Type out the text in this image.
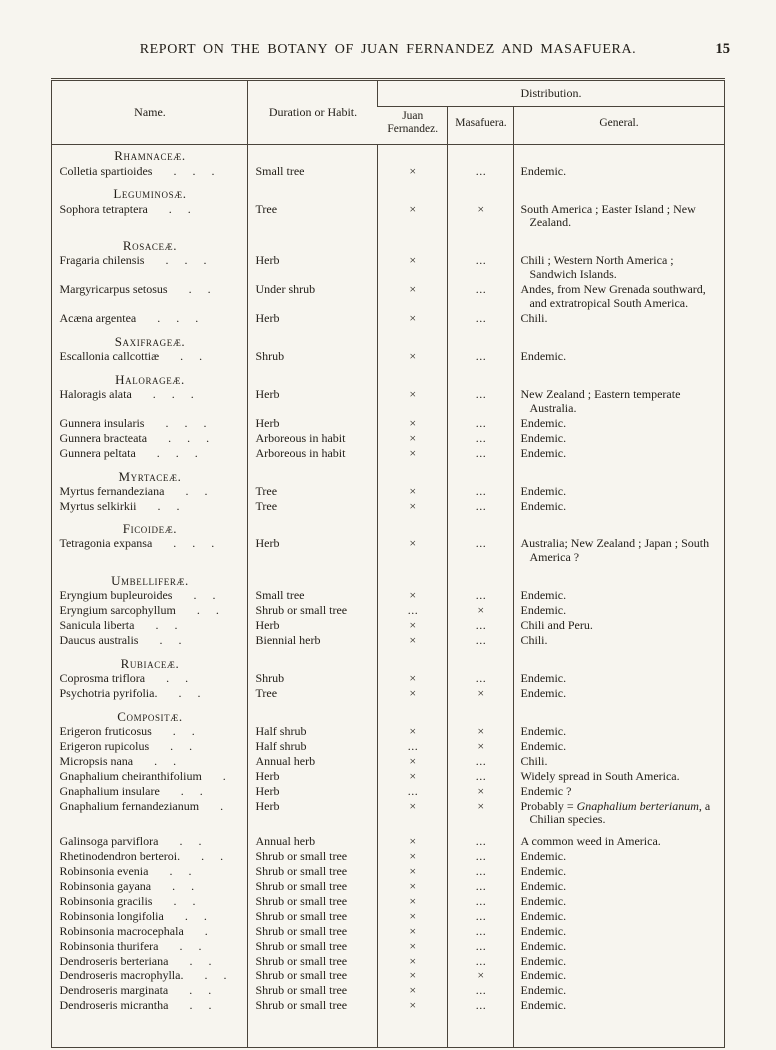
REPORT ON THE BOTANY OF JUAN FERNANDEZ AND MASAFUERA.	15
Name.	Duration or Habit.	Distribution.		
		Juan Fernandez.	Masafuera.	General.
Rhamnaceæ.				
Colletia spartioides . . .	Small tree	×	...	Endemic.
Leguminosæ.				
Sophora tetraptera . .	Tree	×	×	South America ; Easter Island ; New Zealand.
Rosaceæ.				
Fragaria chilensis . . .	Herb	×	...	Chili ; Western North America ; Sandwich Islands.
Margyricarpus setosus . .	Under shrub	×	...	Andes, from New Grenada southward, and extratropical South America.
Acæna argentea . . .	Herb	×	...	Chili.
Saxifrageæ.				
Escallonia callcottiæ . .	Shrub	×	...	Endemic.
Halorageæ.				
Haloragis alata . . .	Herb	×	...	New Zealand ; Eastern temperate Australia.
Gunnera insularis . . .	Herb	×	...	Endemic.
Gunnera bracteata . . .	Arboreous in habit	×	...	Endemic.
Gunnera peltata . . .	Arboreous in habit	×	...	Endemic.
Myrtaceæ.				
Myrtus fernandeziana . .	Tree	×	...	Endemic.
Myrtus selkirkii . .	Tree	×	...	Endemic.
Ficoideæ.				
Tetragonia expansa . . .	Herb	×	...	Australia; New Zealand ; Japan ; South America ?
Umbelliferæ.				
Eryngium bupleuroides . .	Small tree	×	...	Endemic.
Eryngium sarcophyllum . .	Shrub or small tree	...	×	Endemic.
Sanicula liberta . .	Herb	×	...	Chili and Peru.
Daucus australis . .	Biennial herb	×	...	Chili.
Rubiaceæ.				
Coprosma triflora . .	Shrub	×	...	Endemic.
Psychotria pyrifolia. . .	Tree	×	×	Endemic.
Compositæ.				
Erigeron fruticosus . .	Half shrub	×	×	Endemic.
Erigeron rupicolus . .	Half shrub	...	×	Endemic.
Micropsis nana . .	Annual herb	×	...	Chili.
Gnaphalium cheiranthifolium .	Herb	×	...	Widely spread in South America.
Gnaphalium insulare . .	Herb	...	×	Endemic ?
Gnaphalium fernandezianum .	Herb	×	×	Probably = Gnaphalium berterianum, a Chilian species.
Galinsoga parviflora . .	Annual herb	×	...	A common weed in America.
Rhetinodendron berteroi. . .	Shrub or small tree	×	...	Endemic.
Robinsonia evenia . .	Shrub or small tree	×	...	Endemic.
Robinsonia gayana . .	Shrub or small tree	×	...	Endemic.
Robinsonia gracilis . .	Shrub or small tree	×	...	Endemic.
Robinsonia longifolia . .	Shrub or small tree	×	...	Endemic.
Robinsonia macrocephala .	Shrub or small tree	×	...	Endemic.
Robinsonia thurifera . .	Shrub or small tree	×	...	Endemic.
Dendroseris berteriana . .	Shrub or small tree	×	...	Endemic.
Dendroseris macrophylla. . .	Shrub or small tree	×	×	Endemic.
Dendroseris marginata . .	Shrub or small tree	×	...	Endemic.
Dendroseris micrantha . .	Shrub or small tree	×	...	Endemic.
